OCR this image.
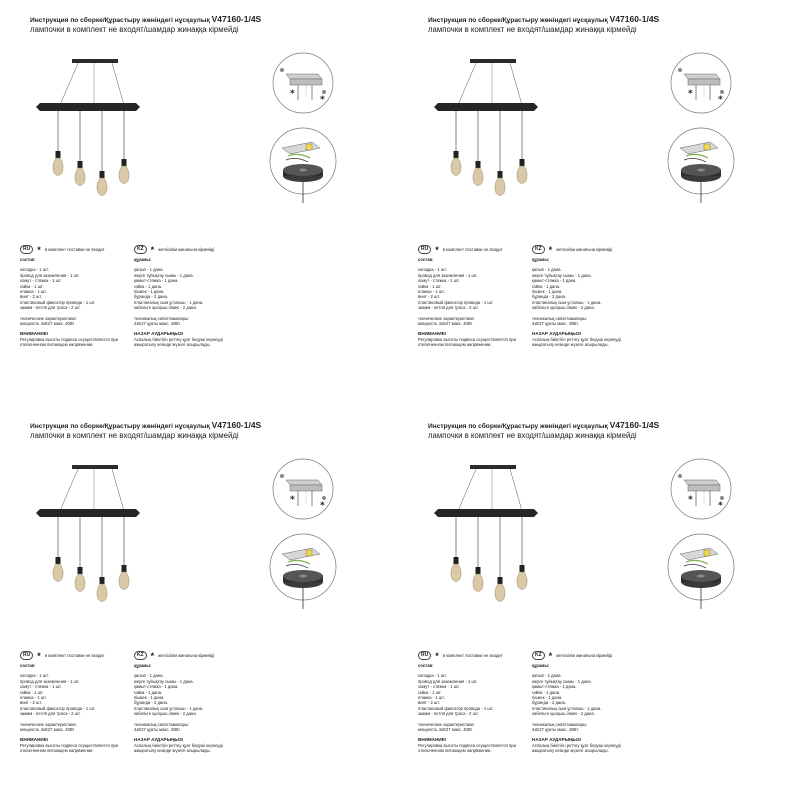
Инструкция по сборке/Құрастыру жөніндегі нұсқаулық V47160-1/4S
лампочки в комплект не входят/шамдар жинаққа кірмейді
*
*
RU * в комплект поставки не входит	KZ * жеткізілім жинағына кірмейді
состав:
колодка - 1 шт.
провод для заземления - 1 шт.
хомут - стяжка - 1 шт.
гайка - 1 шт.
планка - 1 шт.
винт - 2 шт.
пластиковый фиксатор провода - 1 шт.
зажим - петля для троса - 2 шт.
технические характеристики:
мощность 4хЕ27 макс. 40Вт
ВНИМАНИЕ!
Регулировка высоты подвеса осуществляется при отключенном питающем напряжении.
құрамы:
қалып - 1 дана.
жерге тұйықтау сымы - 1 дана.
қамыт-стяжка - 1 дана.
гайка - 1 дана.
пішкек - 1 дана.
бұранда - 2 дана.
пластикалық сым ұстағыш - 1 дана.
кабельге қысқыш ілмек - 2 дана.
техникалық сипаттамалары:
4хЕ27 қуаты макс. 40Вт.
НАЗАР АУДАРЫҢЫЗ!
Аспалың биіктігін реттеу қуат беруші кернеуді ажыратылу кезінде жүзеге асырылады.
Инструкция по сборке/Құрастыру жөніндегі нұсқаулық V47160-1/4S
лампочки в комплект не входят/шамдар жинаққа кірмейді
*
*
RU * в комплект поставки не входит	KZ * жеткізілім жинағына кірмейді
состав:
колодка - 1 шт.
провод для заземления - 1 шт.
хомут - стяжка - 1 шт.
гайка - 1 шт.
планка - 1 шт.
винт - 2 шт.
пластиковый фиксатор провода - 1 шт.
зажим - петля для троса - 2 шт.
технические характеристики:
мощность 4хЕ27 макс. 40Вт
ВНИМАНИЕ!
Регулировка высоты подвеса осуществляется при отключенном питающем напряжении.
құрамы:
қалып - 1 дана.
жерге тұйықтау сымы - 1 дана.
қамыт-стяжка - 1 дана.
гайка - 1 дана.
пішкек - 1 дана.
бұранда - 2 дана.
пластикалық сым ұстағыш - 1 дана.
кабельге қысқыш ілмек - 2 дана.
техникалық сипаттамалары:
4хЕ27 қуаты макс. 40Вт.
НАЗАР АУДАРЫҢЫЗ!
Аспалың биіктігін реттеу қуат беруші кернеуді ажыратылу кезінде жүзеге асырылады.
Инструкция по сборке/Құрастыру жөніндегі нұсқаулық V47160-1/4S
лампочки в комплект не входят/шамдар жинаққа кірмейді
*
*
RU * в комплект поставки не входит	KZ * жеткізілім жинағына кірмейді
состав:
колодка - 1 шт.
провод для заземления - 1 шт.
хомут - стяжка - 1 шт.
гайка - 1 шт.
планка - 1 шт.
винт - 2 шт.
пластиковый фиксатор провода - 1 шт.
зажим - петля для троса - 2 шт.
технические характеристики:
мощность 4хЕ27 макс. 40Вт
ВНИМАНИЕ!
Регулировка высоты подвеса осуществляется при отключенном питающем напряжении.
құрамы:
қалып - 1 дана.
жерге тұйықтау сымы - 1 дана.
қамыт-стяжка - 1 дана.
гайка - 1 дана.
пішкек - 1 дана.
бұранда - 2 дана.
пластикалық сым ұстағыш - 1 дана.
кабельге қысқыш ілмек - 2 дана.
техникалық сипаттамалары:
4хЕ27 қуаты макс. 40Вт.
НАЗАР АУДАРЫҢЫЗ!
Аспалың биіктігін реттеу қуат беруші кернеуді ажыратылу кезінде жүзеге асырылады.
Инструкция по сборке/Құрастыру жөніндегі нұсқаулық V47160-1/4S
лампочки в комплект не входят/шамдар жинаққа кірмейді
*
*
RU * в комплект поставки не входит	KZ * жеткізілім жинағына кірмейді
состав:
колодка - 1 шт.
провод для заземления - 1 шт.
хомут - стяжка - 1 шт.
гайка - 1 шт.
планка - 1 шт.
винт - 2 шт.
пластиковый фиксатор провода - 1 шт.
зажим - петля для троса - 2 шт.
технические характеристики:
мощность 4хЕ27 макс. 40Вт
ВНИМАНИЕ!
Регулировка высоты подвеса осуществляется при отключенном питающем напряжении.
құрамы:
қалып - 1 дана.
жерге тұйықтау сымы - 1 дана.
қамыт-стяжка - 1 дана.
гайка - 1 дана.
пішкек - 1 дана.
бұранда - 2 дана.
пластикалық сым ұстағыш - 1 дана.
кабельге қысқыш ілмек - 2 дана.
техникалық сипаттамалары:
4хЕ27 қуаты макс. 40Вт.
НАЗАР АУДАРЫҢЫЗ!
Аспалың биіктігін реттеу қуат беруші кернеуді ажыратылу кезінде жүзеге асырылады.
